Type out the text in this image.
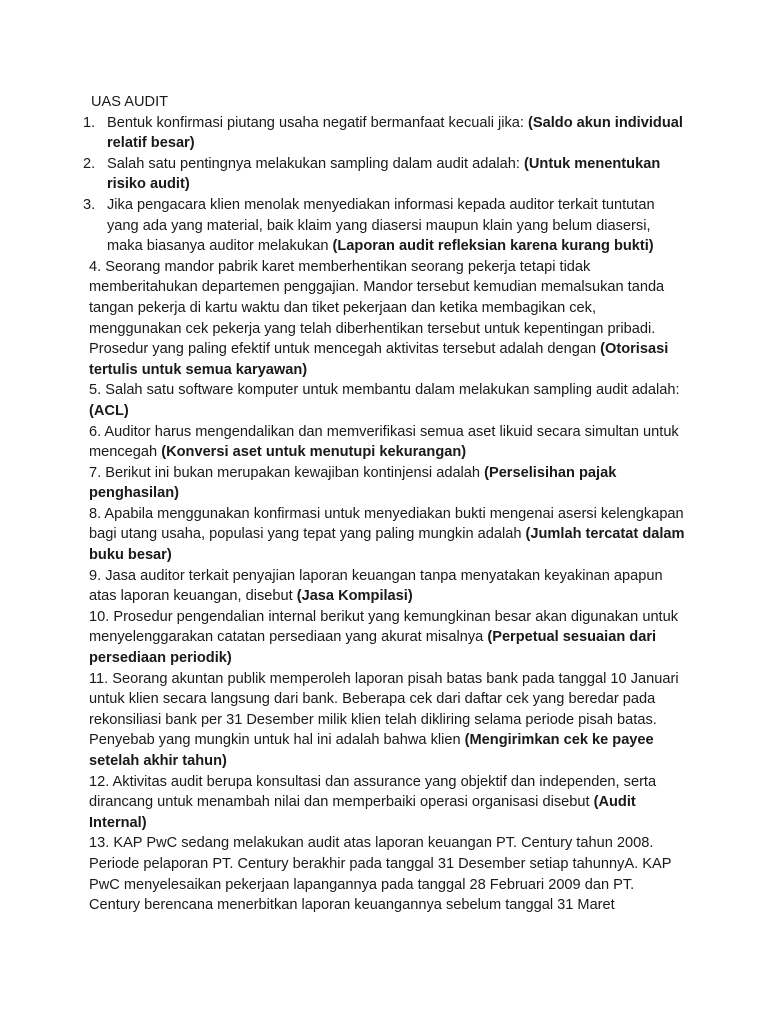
UAS AUDIT
1. Bentuk konfirmasi piutang usaha negatif bermanfaat kecuali jika: (Saldo akun individual relatif besar)
2. Salah satu pentingnya melakukan sampling dalam audit adalah: (Untuk menentukan risiko audit)
3. Jika pengacara klien menolak menyediakan informasi kepada auditor terkait tuntutan yang ada yang material, baik klaim yang diasersi maupun klain yang belum diasersi, maka biasanya auditor melakukan (Laporan audit refleksian karena kurang bukti)
4. Seorang mandor pabrik karet memberhentikan seorang pekerja tetapi tidak memberitahukan departemen penggajian. Mandor tersebut kemudian memalsukan tanda tangan pekerja di kartu waktu dan tiket pekerjaan dan ketika membagikan cek, menggunakan cek pekerja yang telah diberhentikan tersebut untuk kepentingan pribadi. Prosedur yang paling efektif untuk mencegah aktivitas tersebut adalah dengan (Otorisasi tertulis untuk semua karyawan)
5. Salah satu software komputer untuk membantu dalam melakukan sampling audit adalah: (ACL)
6. Auditor harus mengendalikan dan memverifikasi semua aset likuid secara simultan untuk mencegah (Konversi aset untuk menutupi kekurangan)
7. Berikut ini bukan merupakan kewajiban kontinjensi adalah (Perselisihan pajak penghasilan)
8. Apabila menggunakan konfirmasi untuk menyediakan bukti mengenai asersi kelengkapan bagi utang usaha, populasi yang tepat yang paling mungkin adalah (Jumlah tercatat dalam buku besar)
9. Jasa auditor terkait penyajian laporan keuangan tanpa menyatakan keyakinan apapun atas laporan keuangan, disebut (Jasa Kompilasi)
10. Prosedur pengendalian internal berikut yang kemungkinan besar akan digunakan untuk menyelenggarakan catatan persediaan yang akurat misalnya (Perpetual sesuaian dari persediaan periodik)
11. Seorang akuntan publik memperoleh laporan pisah batas bank pada tanggal 10 Januari untuk klien secara langsung dari bank. Beberapa cek dari daftar cek yang beredar pada rekonsiliasi bank per 31 Desember milik klien telah dikliring selama periode pisah batas. Penyebab yang mungkin untuk hal ini adalah bahwa klien (Mengirimkan cek ke payee setelah akhir tahun)
12. Aktivitas audit berupa konsultasi dan assurance yang objektif dan independen, serta dirancang untuk menambah nilai dan memperbaiki operasi organisasi disebut (Audit Internal)
13. KAP PwC sedang melakukan audit atas laporan keuangan PT. Century tahun 2008. Periode pelaporan PT. Century berakhir pada tanggal 31 Desember setiap tahunnyA. KAP PwC menyelesaikan pekerjaan lapangannya pada tanggal 28 Februari 2009 dan PT. Century berencana menerbitkan laporan keuangannya sebelum tanggal 31 Maret
